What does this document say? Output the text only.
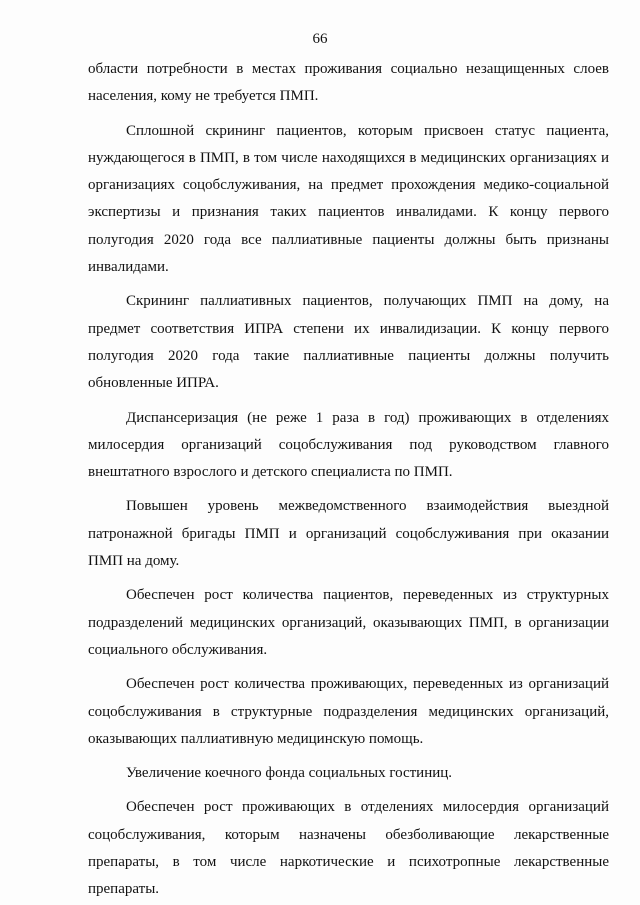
66

области потребности в местах проживания социально незащищенных слоев населения, кому не требуется ПМП.

Сплошной скрининг пациентов, которым присвоен статус пациента, нуждающегося в ПМП, в том числе находящихся в медицинских организациях и организациях соцобслуживания, на предмет прохождения медико-социальной экспертизы и признания таких пациентов инвалидами. К концу первого полугодия 2020 года все паллиативные пациенты должны быть признаны инвалидами.

Скрининг паллиативных пациентов, получающих ПМП на дому, на предмет соответствия ИПРА степени их инвалидизации. К концу первого полугодия 2020 года такие паллиативные пациенты должны получить обновленные ИПРА.

Диспансеризация (не реже 1 раза в год) проживающих в отделениях милосердия организаций соцобслуживания под руководством главного внештатного взрослого и детского специалиста по ПМП.

Повышен уровень межведомственного взаимодействия выездной патронажной бригады ПМП и организаций соцобслуживания при оказании ПМП на дому.

Обеспечен рост количества пациентов, переведенных из структурных подразделений медицинских организаций, оказывающих ПМП, в организации социального обслуживания.

Обеспечен рост количества проживающих, переведенных из организаций соцобслуживания в структурные подразделения медицинских организаций, оказывающих паллиативную медицинскую помощь.

Увеличение коечного фонда социальных гостиниц.

Обеспечен рост проживающих в отделениях милосердия организаций соцобслуживания, которым назначены обезболивающие лекарственные препараты, в том числе наркотические и психотропные лекарственные препараты.
